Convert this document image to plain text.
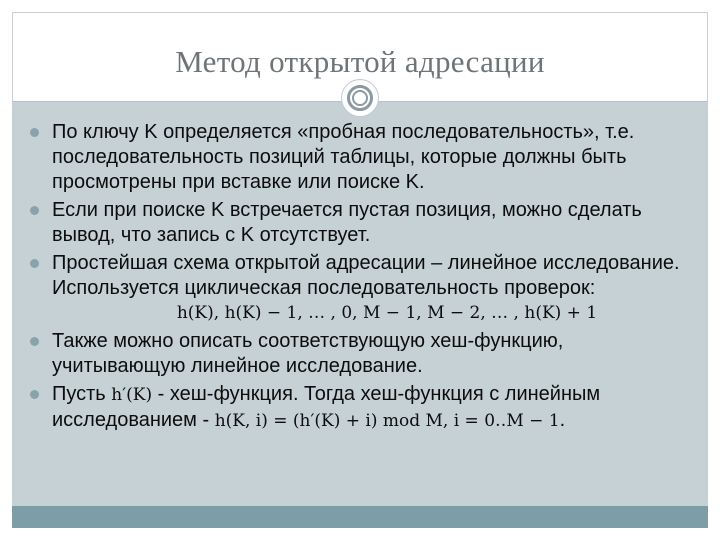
Метод открытой адресации
По ключу K определяется «пробная последовательность», т.е. последовательность позиций таблицы, которые должны быть просмотрены при вставке или поиске K.
Если при поиске K встречается пустая позиция, можно сделать вывод, что запись с K отсутствует.
Простейшая схема открытой адресации – линейное исследование. Используется циклическая последовательность проверок:
h(K), h(K) − 1, … , 0, M − 1, M − 2, … , h(K) + 1
Также можно описать соответствующую хеш-функцию, учитывающую линейное исследование.
Пусть h′(K) - хеш-функция. Тогда хеш-функция с линейным исследованием - h(K, i) = (h′(K) + i) mod M, i = 0‥M − 1.
